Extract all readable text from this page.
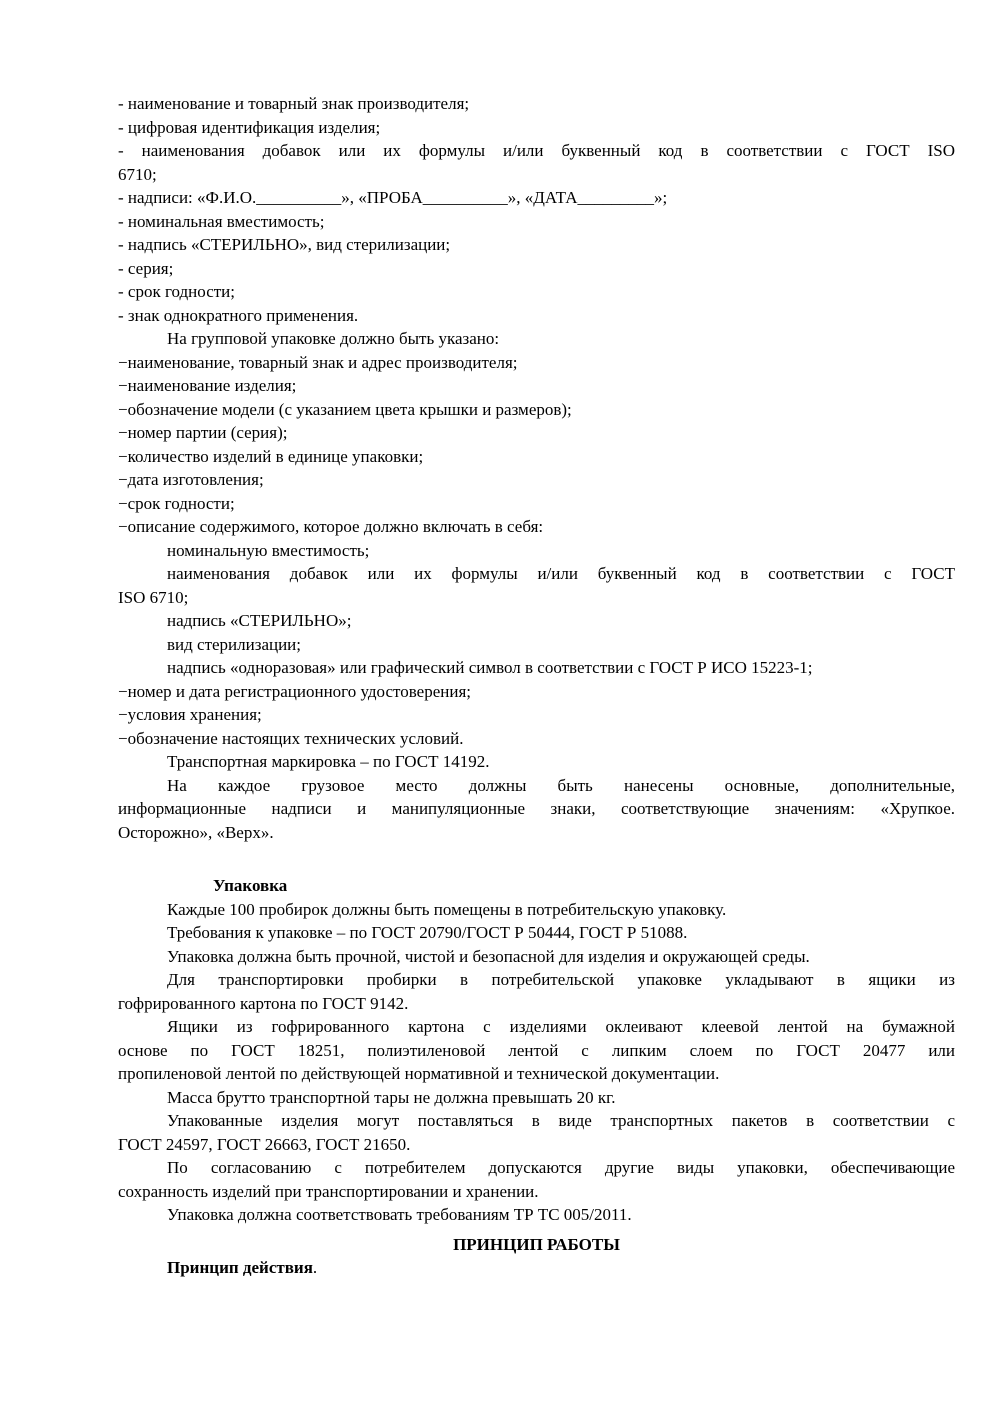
- наименование и товарный знак производителя;
- цифровая идентификация изделия;
- наименования добавок или их формулы и/или буквенный код в соответствии с ГОСТ ISO
6710;
- надписи: «Ф.И.О.__________», «ПРОБА__________», «ДАТА_________»;
- номинальная вместимость;
- надпись «СТЕРИЛЬНО», вид стерилизации;
- серия;
- срок годности;
- знак однократного применения.
На групповой упаковке должно быть указано:
−наименование, товарный знак и адрес производителя;
−наименование изделия;
−обозначение модели (с указанием цвета крышки и размеров);
−номер партии (серия);
−количество изделий в единице упаковки;
−дата изготовления;
−срок годности;
−описание содержимого, которое должно включать в себя:
номинальную вместимость;
наименования добавок или их формулы и/или буквенный код в соответствии с ГОСТ
ISO 6710;
надпись «СТЕРИЛЬНО»;
вид стерилизации;
надпись «одноразовая» или графический символ в соответствии с ГОСТ Р ИСО 15223-1;
−номер и дата регистрационного удостоверения;
−условия хранения;
−обозначение настоящих технических условий.
Транспортная маркировка – по ГОСТ 14192.
На каждое грузовое место должны быть нанесены основные, дополнительные,
информационные надписи и манипуляционные знаки, соответствующие значениям: «Хрупкое.
Осторожно», «Верх».
Упаковка
Каждые 100 пробирок должны быть помещены в потребительскую упаковку.
Требования к упаковке – по ГОСТ 20790/ГОСТ Р 50444, ГОСТ Р 51088.
Упаковка должна быть прочной, чистой и безопасной для изделия и окружающей среды.
Для транспортировки пробирки в потребительской упаковке укладывают в ящики из
гофрированного картона по ГОСТ 9142.
Ящики из гофрированного картона с изделиями оклеивают клеевой лентой на бумажной
основе по ГОСТ 18251, полиэтиленовой лентой с липким слоем по ГОСТ 20477 или
пропиленовой лентой по действующей нормативной и технической документации.
Масса брутто транспортной тары не должна превышать 20 кг.
Упакованные изделия могут поставляться в виде транспортных пакетов в соответствии с
ГОСТ 24597, ГОСТ 26663, ГОСТ 21650.
По согласованию с потребителем допускаются другие виды упаковки, обеспечивающие
сохранность изделий при транспортировании и хранении.
Упаковка должна соответствовать требованиям ТР ТС 005/2011.
ПРИНЦИП РАБОТЫ
Принцип действия.
